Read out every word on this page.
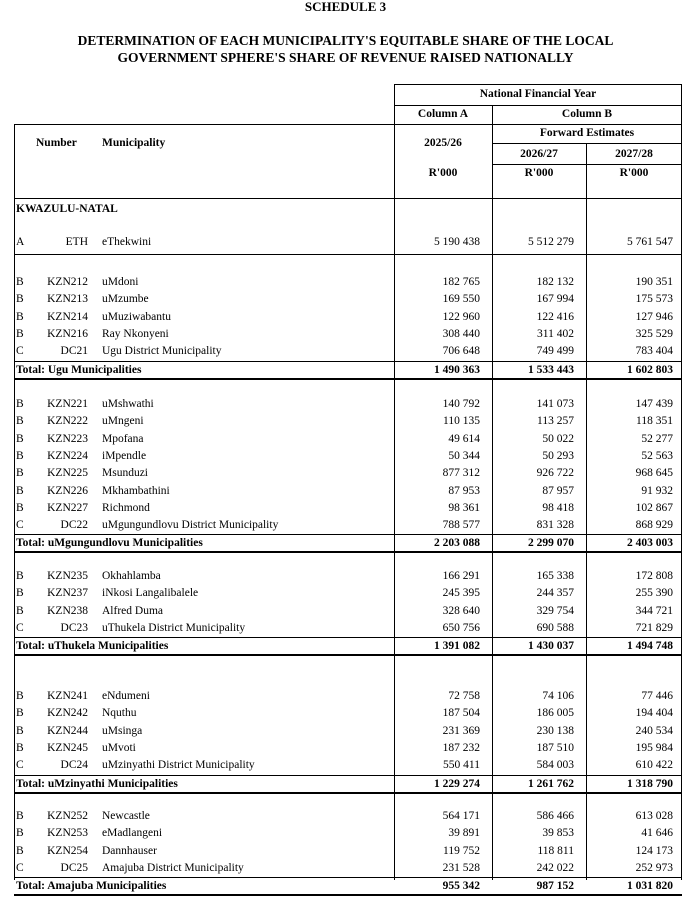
SCHEDULE 3
DETERMINATION OF EACH MUNICIPALITY'S EQUITABLE SHARE OF THE LOCAL
GOVERNMENT SPHERE'S SHARE OF REVENUE RAISED NATIONALLY
National Financial Year
Column A	Column B
Number Municipality	2025/26
Forward Estimates
2026/27	2027/28
R'000	R'000	R'000
KWAZULU-NATAL
A	ETH eThekwini	5 190 438	5 512 279	5 761 547
B	KZN212 uMdoni	182 765	182 132	190 351
B	KZN213 uMzumbe	169 550	167 994	175 573
B	KZN214 uMuziwabantu	122 960	122 416	127 946
B	KZN216 Ray Nkonyeni	308 440	311 402	325 529
C	DC21 Ugu District Municipality	706 648	749 499	783 404
Total: Ugu Municipalities	1 490 363	1 533 443	1 602 803
B	KZN221 uMshwathi	140 792	141 073	147 439
B	KZN222 uMngeni	110 135	113 257	118 351
B	KZN223 Mpofana	49 614	50 022	52 277
B	KZN224 iMpendle	50 344	50 293	52 563
B	KZN225 Msunduzi	877 312	926 722	968 645
B	KZN226 Mkhambathini	87 953	87 957	91 932
B	KZN227 Richmond	98 361	98 418	102 867
C	DC22 uMgungundlovu District Municipality	788 577	831 328	868 929
Total: uMgungundlovu Municipalities	2 203 088	2 299 070	2 403 003
B	KZN235 Okhahlamba	166 291	165 338	172 808
B	KZN237 iNkosi Langalibalele	245 395	244 357	255 390
B	KZN238 Alfred Duma	328 640	329 754	344 721
C	DC23 uThukela District Municipality	650 756	690 588	721 829
Total: uThukela Municipalities	1 391 082	1 430 037	1 494 748
B	KZN241 eNdumeni	72 758	74 106	77 446
B	KZN242 Nquthu	187 504	186 005	194 404
B	KZN244 uMsinga	231 369	230 138	240 534
B	KZN245 uMvoti	187 232	187 510	195 984
C	DC24 uMzinyathi District Municipality	550 411	584 003	610 422
Total: uMzinyathi Municipalities	1 229 274	1 261 762	1 318 790
B	KZN252 Newcastle	564 171	586 466	613 028
B	KZN253 eMadlangeni	39 891	39 853	41 646
B	KZN254 Dannhauser	119 752	118 811	124 173
C	DC25 Amajuba District Municipality	231 528	242 022	252 973
Total: Amajuba Municipalities	955 342	987 152	1 031 820
